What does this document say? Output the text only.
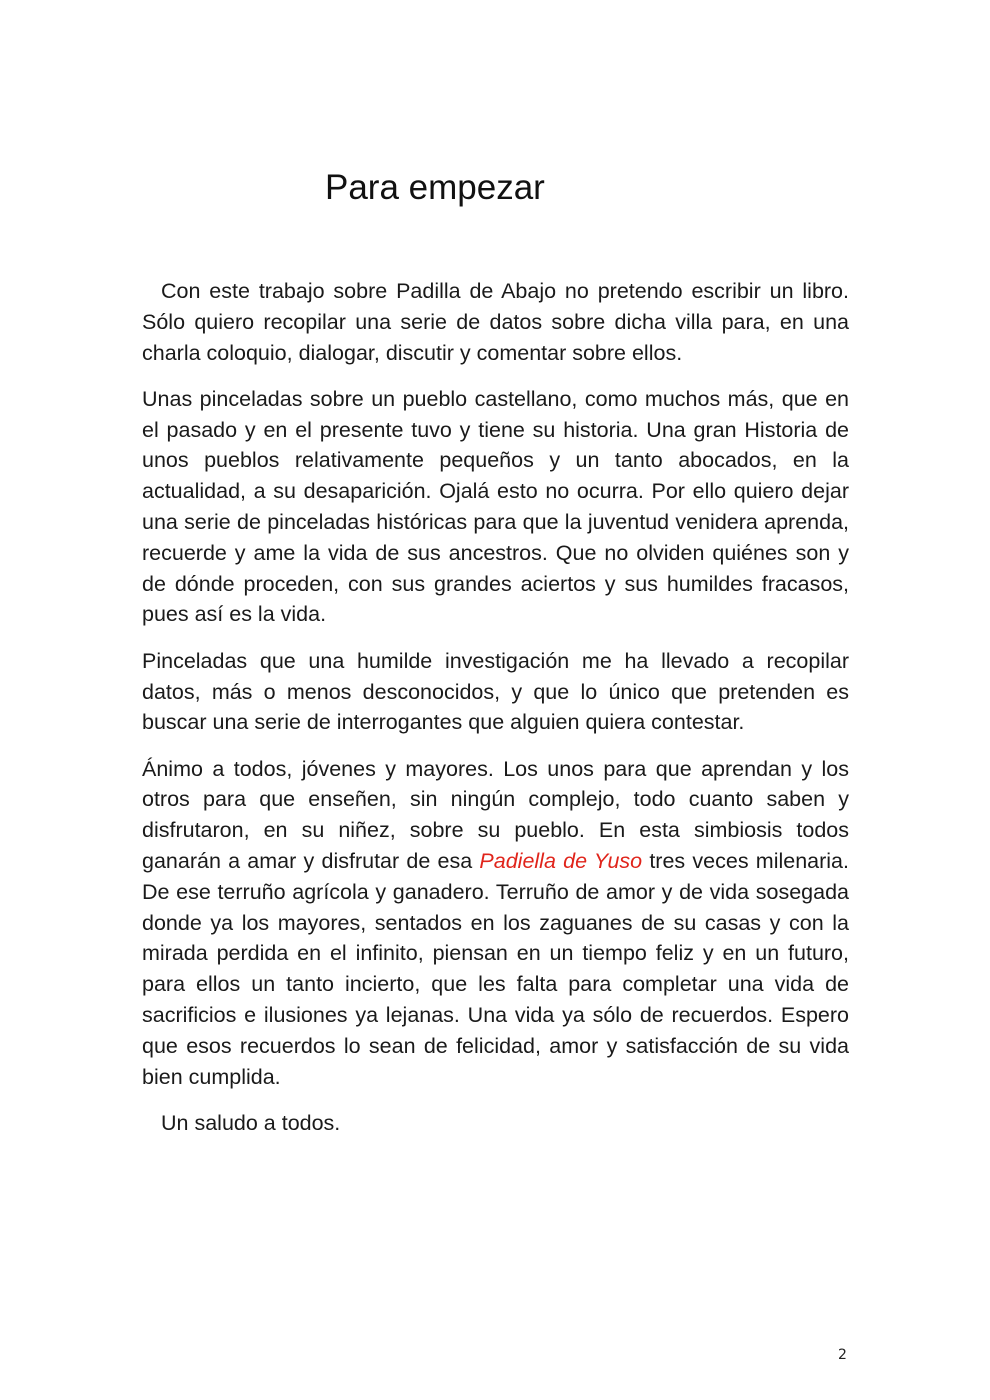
Para empezar

Con este trabajo sobre Padilla de Abajo no pretendo escribir un libro. Sólo quiero recopilar una serie de datos sobre dicha villa para, en una charla coloquio, dialogar, discutir y comentar sobre ellos.

Unas pinceladas sobre un pueblo castellano, como muchos más, que en el pasado y en el presente tuvo y tiene su historia. Una gran Historia de unos pueblos relativamente pequeños y un tanto abocados, en la actualidad, a su desaparición. Ojalá esto no ocurra. Por ello quiero dejar una serie de pinceladas históricas para que la juventud venidera aprenda, recuerde y ame la vida de sus ancestros. Que no olviden quiénes son y de dónde proceden, con sus grandes aciertos y sus humildes fracasos, pues así es la vida.

Pinceladas que una humilde investigación me ha llevado a recopilar datos, más o menos desconocidos, y que lo único que pretenden es buscar una serie de interrogantes que alguien quiera contestar.

Ánimo a todos, jóvenes y mayores. Los unos para que aprendan y los otros para que enseñen, sin ningún complejo, todo cuanto saben y disfrutaron, en su niñez, sobre su pueblo. En esta simbiosis todos ganarán a amar y disfrutar de esa Padiella de Yuso tres veces milenaria. De ese terruño agrícola y ganadero. Terruño de amor y de vida sosegada donde ya los mayores, sentados en los zaguanes de su casas y con la mirada perdida en el infinito, piensan en un tiempo feliz y en un futuro, para ellos un tanto incierto, que les falta para completar una vida de sacrificios e ilusiones ya lejanas. Una vida ya sólo de recuerdos. Espero que esos recuerdos lo sean de felicidad, amor y satisfacción de su vida bien cumplida.

Un saludo a todos.

2
